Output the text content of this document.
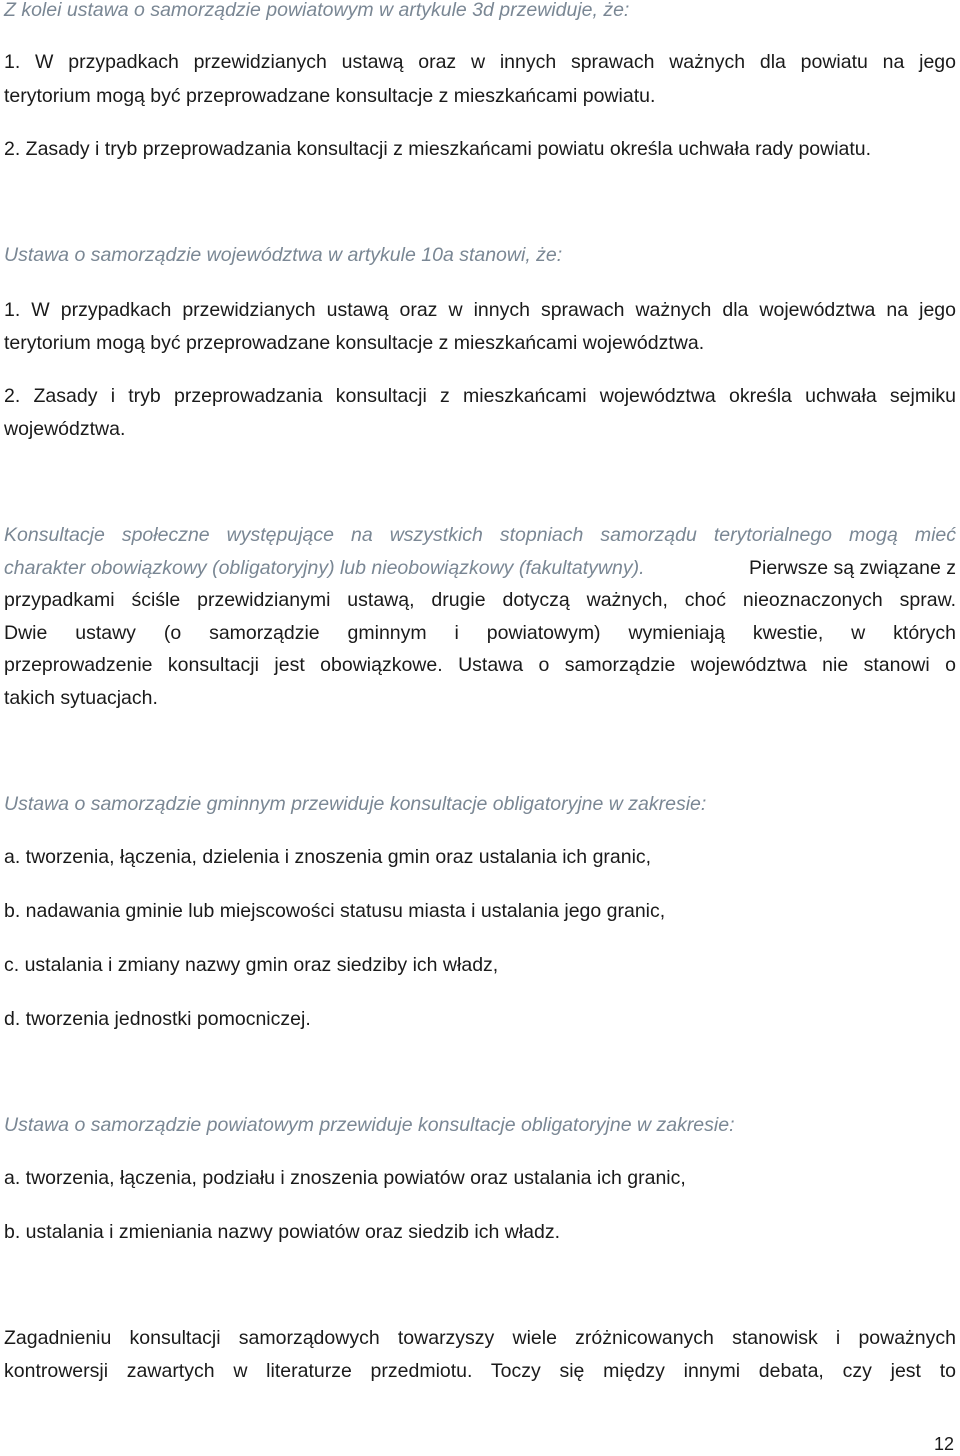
Z kolei ustawa o samorządzie powiatowym w artykule 3d przewiduje, że:
1. W przypadkach przewidzianych ustawą oraz w innych sprawach ważnych dla powiatu na jego
terytorium mogą być przeprowadzane konsultacje z mieszkańcami powiatu.
2. Zasady i tryb przeprowadzania konsultacji z mieszkańcami powiatu określa uchwała rady powiatu.
Ustawa o samorządzie województwa w artykule 10a stanowi, że:
1. W przypadkach przewidzianych ustawą oraz w innych sprawach ważnych dla województwa na jego
terytorium mogą być przeprowadzane konsultacje z mieszkańcami województwa.
2. Zasady i tryb przeprowadzania konsultacji z mieszkańcami województwa określa uchwała sejmiku
województwa.
Konsultacje społeczne występujące na wszystkich stopniach samorządu terytorialnego mogą mieć
charakter obowiązkowy (obligatoryjny) lub nieobowiązkowy (fakultatywny).	Pierwsze są związane z
przypadkami ściśle przewidzianymi ustawą, drugie dotyczą ważnych, choć nieoznaczonych spraw.
Dwie ustawy (o samorządzie gminnym i powiatowym) wymieniają kwestie, w których
przeprowadzenie konsultacji jest obowiązkowe. Ustawa o samorządzie województwa nie stanowi o
takich sytuacjach.
Ustawa o samorządzie gminnym przewiduje konsultacje obligatoryjne w zakresie:
a. tworzenia, łączenia, dzielenia i znoszenia gmin oraz ustalania ich granic,
b. nadawania gminie lub miejscowości statusu miasta i ustalania jego granic,
c. ustalania i zmiany nazwy gmin oraz siedziby ich władz,
d. tworzenia jednostki pomocniczej.
Ustawa o samorządzie powiatowym przewiduje konsultacje obligatoryjne w zakresie:
a. tworzenia, łączenia, podziału i znoszenia powiatów oraz ustalania ich granic,
b. ustalania i zmieniania nazwy powiatów oraz siedzib ich władz.
Zagadnieniu konsultacji samorządowych towarzyszy wiele zróżnicowanych stanowisk i poważnych
kontrowersji zawartych w literaturze przedmiotu. Toczy się między innymi debata, czy jest to
12
